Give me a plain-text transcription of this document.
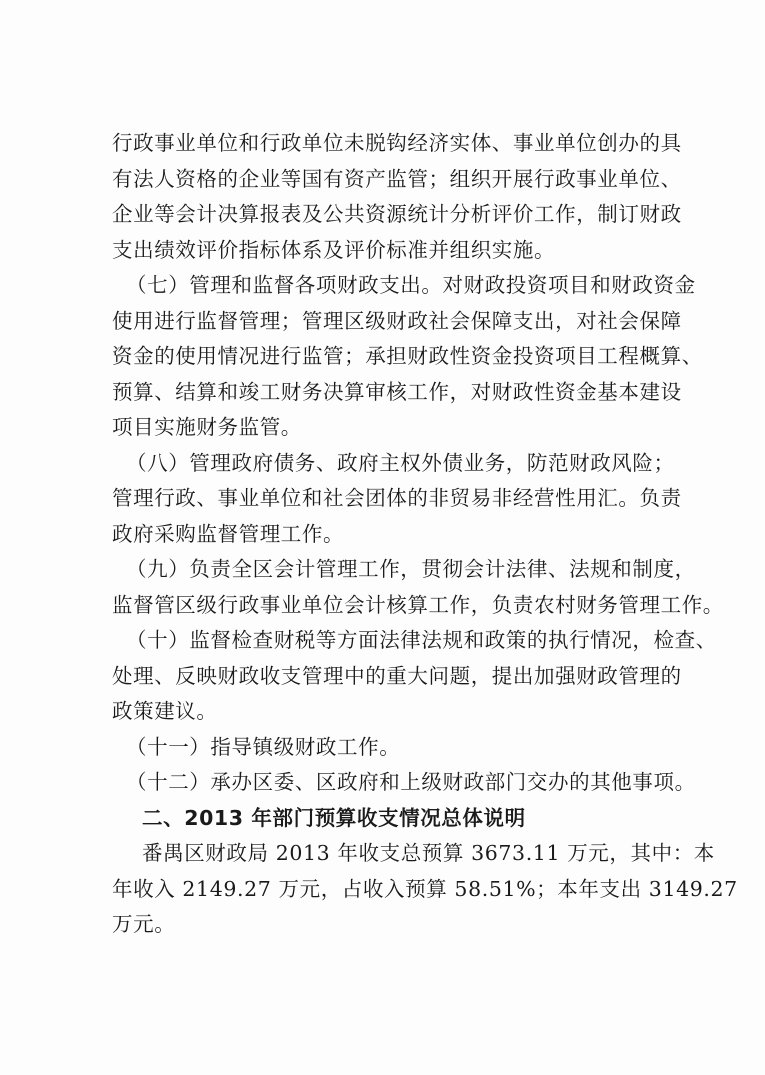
行政事业单位和行政单位未脱钩经济实体、事业单位创办的具
有法人资格的企业等国有资产监管；组织开展行政事业单位、
企业等会计决算报表及公共资源统计分析评价工作，制订财政
支出绩效评价指标体系及评价标准并组织实施。
（七）管理和监督各项财政支出。对财政投资项目和财政资金
使用进行监督管理；管理区级财政社会保障支出，对社会保障
资金的使用情况进行监管；承担财政性资金投资项目工程概算、
预算、结算和竣工财务决算审核工作，对财政性资金基本建设
项目实施财务监管。
（八）管理政府债务、政府主权外债业务，防范财政风险；
管理行政、事业单位和社会团体的非贸易非经营性用汇。负责
政府采购监督管理工作。
（九）负责全区会计管理工作，贯彻会计法律、法规和制度，
监督管区级行政事业单位会计核算工作，负责农村财务管理工作。
（十）监督检查财税等方面法律法规和政策的执行情况，检查、
处理、反映财政收支管理中的重大问题，提出加强财政管理的
政策建议。
（十一）指导镇级财政工作。
（十二）承办区委、区政府和上级财政部门交办的其他事项。
二、2013 年部门预算收支情况总体说明
番禺区财政局 2013 年收支总预算 3673.11 万元，其中：本
年收入 2149.27 万元，占收入预算 58.51%；本年支出 3149.27
万元。
